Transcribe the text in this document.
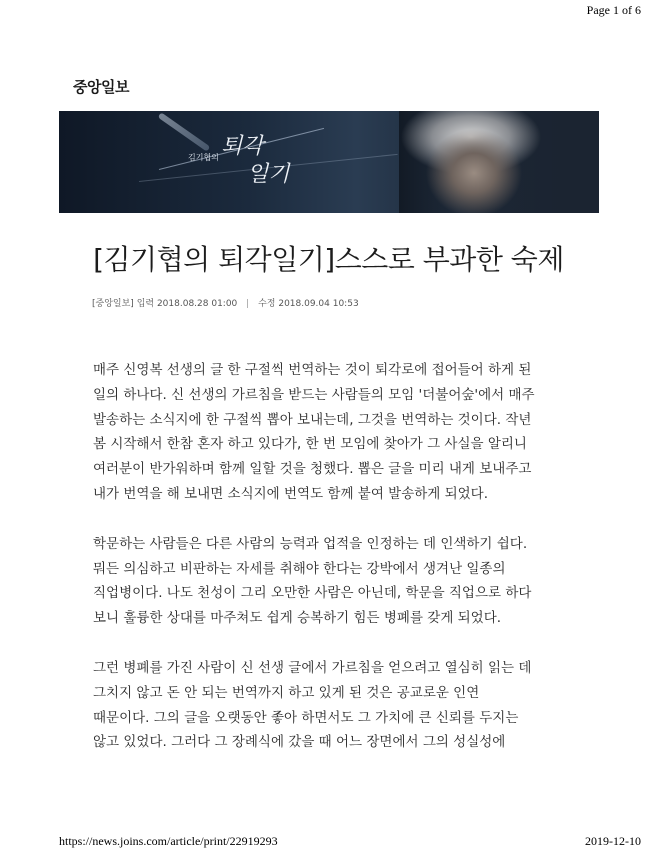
Page 1 of 6
중앙일보
김기협의 퇴각
일기
[김기협의 퇴각일기]스스로 부과한 숙제
[중앙일보] 입력 2018.08.28 01:00 | 수정 2018.09.04 10:53

매주 신영복 선생의 글 한 구절씩 번역하는 것이 퇴각로에 접어들어 하게 된
일의 하나다. 신 선생의 가르침을 받드는 사람들의 모임 '더불어숲'에서 매주
발송하는 소식지에 한 구절씩 뽑아 보내는데, 그것을 번역하는 것이다. 작년
봄 시작해서 한참 혼자 하고 있다가, 한 번 모임에 찾아가 그 사실을 알리니
여러분이 반가워하며 함께 일할 것을 청했다. 뽑은 글을 미리 내게 보내주고
내가 번역을 해 보내면 소식지에 번역도 함께 붙여 발송하게 되었다.

학문하는 사람들은 다른 사람의 능력과 업적을 인정하는 데 인색하기 쉽다.
뭐든 의심하고 비판하는 자세를 취해야 한다는 강박에서 생겨난 일종의
직업병이다. 나도 천성이 그리 오만한 사람은 아닌데, 학문을 직업으로 하다
보니 훌륭한 상대를 마주쳐도 쉽게 승복하기 힘든 병폐를 갖게 되었다.

그런 병폐를 가진 사람이 신 선생 글에서 가르침을 얻으려고 열심히 읽는 데
그치지 않고 돈 안 되는 번역까지 하고 있게 된 것은 공교로운 인연
때문이다. 그의 글을 오랫동안 좋아 하면서도 그 가치에 큰 신뢰를 두지는
않고 있었다. 그러다 그 장례식에 갔을 때 어느 장면에서 그의 성실성에

https://news.joins.com/article/print/22919293	2019-12-10
